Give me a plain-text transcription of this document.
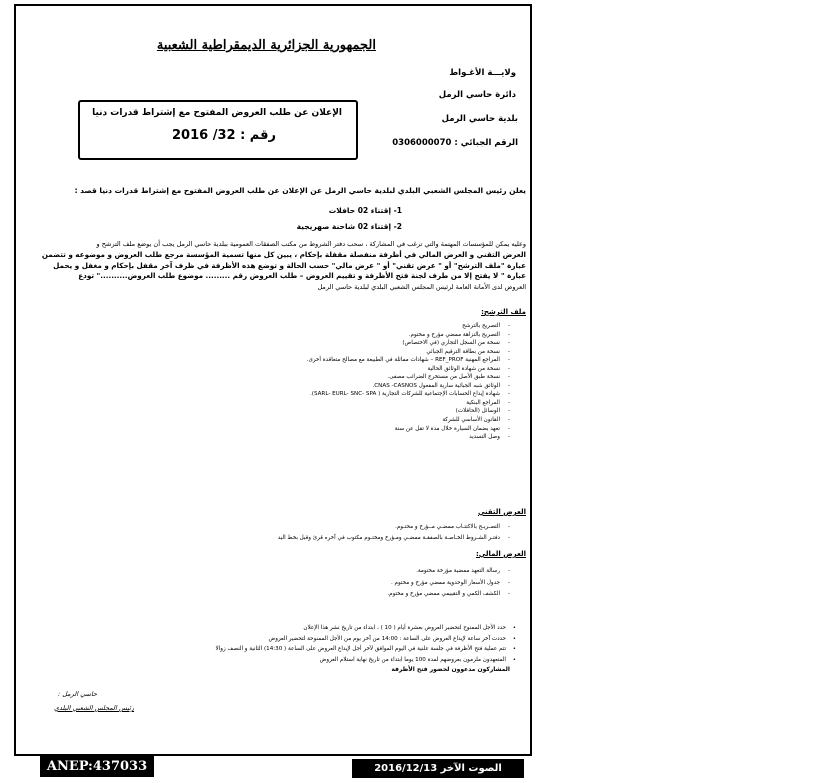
الجمهورية الجزائرية الديمقراطية الشعبية
ولايـــة الأغـواط
دائرة حاسي الرمل
بلدية حاسي الرمل
الرقم الجبائي : 0306000070
الإعلان عن طلب العروض المفتوح مع إشتراط قدرات دنيا
رقم : 32/ 2016
يعلن رئيس المجلس الشعبي البلدي لبلدية حاسي الرمل عن الإعلان عن طلب العروض المفتوح مع إشتراط قدرات دنيا قصد :
1- إقتناء 02 حافلات
2- إقتناء 02 شاحنة صهريجية

وعليه يمكن للمؤسسات المهتمة والتي ترغب في المشاركة ، سحب دفتر الشروط من مكتب الصفقات العمومية ببلدية حاسي الرمل يجب أن يوضع ملف الترشح و

العرض التقني و العرض المالي في أظرفة منفصلة مقفلة بإحكام ، يبين كل منها تسمية المؤسسة مرجع طلب العروض و موضوعه و تتضمن

عبارة "ملف الترشح" أو " عرض تقني" أو " عرض مالي" حسب الحالة و توضع هذه الأظرفة في ظرف آخر مقفل بإحكام و مغفل و يحمل

عبارة " لا يفتح إلا من طرف لجنة فتح الأظرفة و تقييم العروض – طلب العروض رقم ......... موضوع طلب العروض.........." تودع

العروض لدى الأمانة العامة لرئيس المجلس الشعبي البلدي لبلدية حاسي الرمل

ملف الترشح:
- التصريح بالترشح
- التصريح بالنزاهة ممضي مؤرخ و مختوم.
- نسخة من السجل التجاري (في الاختصاص)
- نسخة من بطاقة الترقيم الجبائي
- المراجع المهنية REF_PROF – شهادات مماثلة في الطبيعة مع مصالح متعاقدة أخرى.
- نسخة من شهادة الوثائق الحالية
- نسخة طبق الأصل من مستخرج الضرائب مصفى.
- الوثائق شبه الجبائية سارية المفعول CNAS -CASNOS.
- شهادة إيداع الحسابات الإجتماعية للشركات التجارية ( SARL- EURL- SNC- SPA).
- المراجع البنكية
- الوسائل (الحافلات)
- القانون الأساسي للشركة
- تعهد بضمان السيارة خلال مدة لا تقل عن سنة
- وصل التسديد
العرض التقني
- التصـريـح بالاكتتـاب ممضـي مــؤرخ و مختـوم.
- دفتـر الشـروط الخـاصـة بالصفقـة ممضـي ومـؤرخ ومختـوم مكتوب في آخره قرئ وقبل بخط اليد
العرض المالي:
- رسالة التعهد ممضية مؤرخة مختومة.
- جدول الأسعار الوحدوية ممضي مؤرخ و مختوم .
- الكشف الكمي و التقييمي ممضي مؤرخ و مختوم.
• حدد الأجل الممنوح لتحضير العروض بعشرة أيام ( 10 ) ، ابتداء من تاريخ نشر هذا الإعلان
• حددت آخر ساعة لإيداع العروض على الساعة : 14:00 من آخر يوم من الأجل الممنوحة لتحضير العروض
• تتم عملية فتح الأظرفة في جلسة علنية في اليوم الموافق لآخر أجل لإيداع العروض على الساعة ( 14:30) الثانية و النصف زوالا
• المتعهدون ملزمون بعروضهم لمدة 100 يوما ابتداء من تاريخ نهاية استلام العروض
المشاركون مدعوون لحضور فتح الأظرفة
حاسي الرمل :
رئيس المجلس الشعبي البلدي
ANEP:437033	الصوت الآخر 2016/12/13
